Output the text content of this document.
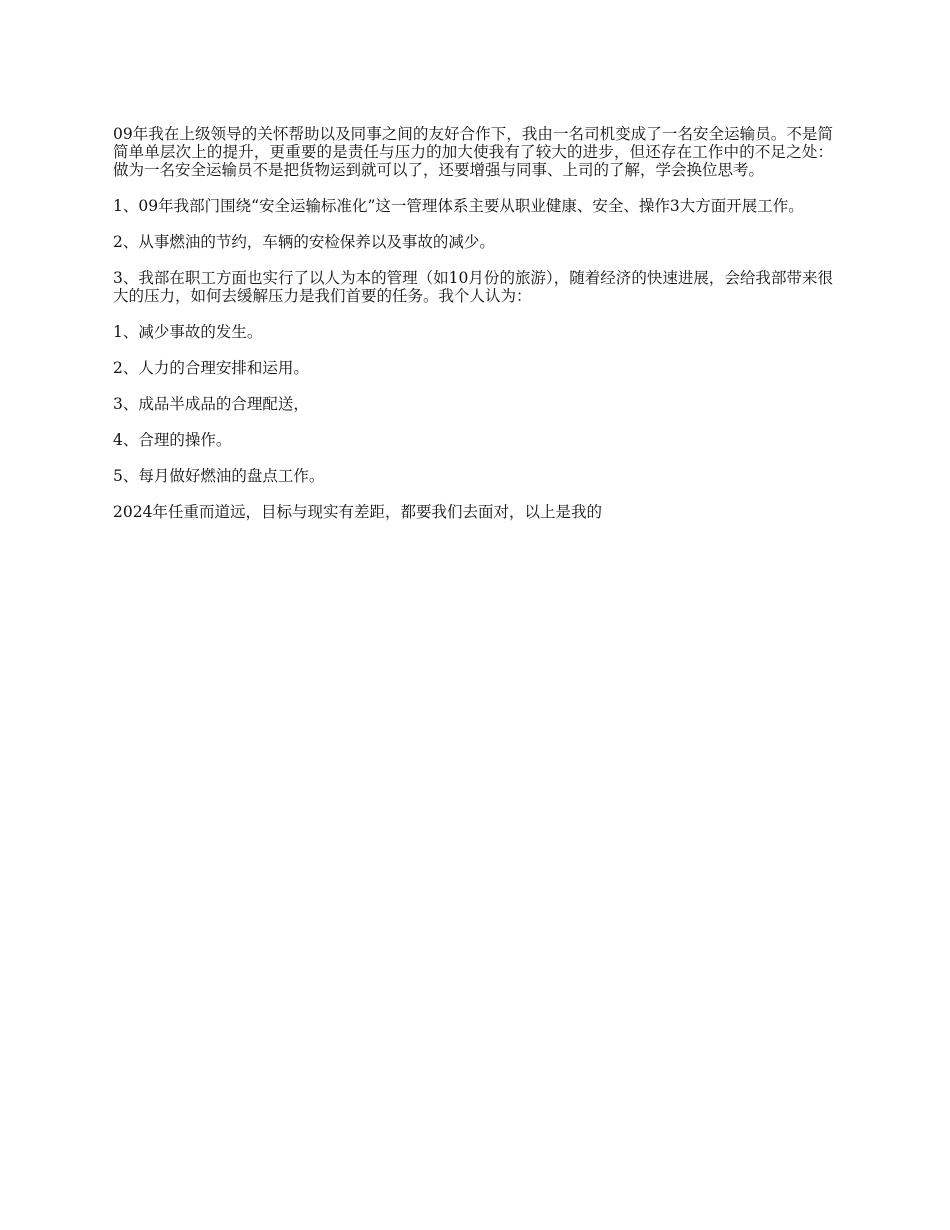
09年我在上级领导的关怀帮助以及同事之间的友好合作下，我由一名司机变成了一名安全运输员。不是简简单单层次上的提升，更重要的是责任与压力的加大使我有了较大的进步，但还存在工作中的不足之处：做为一名安全运输员不是把货物运到就可以了，还要增强与同事、上司的了解，学会换位思考。

1、09年我部门围绕“安全运输标准化”这一管理体系主要从职业健康、安全、操作3大方面开展工作。

2、从事燃油的节约，车辆的安检保养以及事故的减少。

3、我部在职工方面也实行了以人为本的管理（如10月份的旅游），随着经济的快速进展，会给我部带来很大的压力，如何去缓解压力是我们首要的任务。我个人认为：

1、减少事故的发生。

2、人力的合理安排和运用。

3、成品半成品的合理配送，

4、合理的操作。

5、每月做好燃油的盘点工作。

2024年任重而道远，目标与现实有差距，都要我们去面对，以上是我的
